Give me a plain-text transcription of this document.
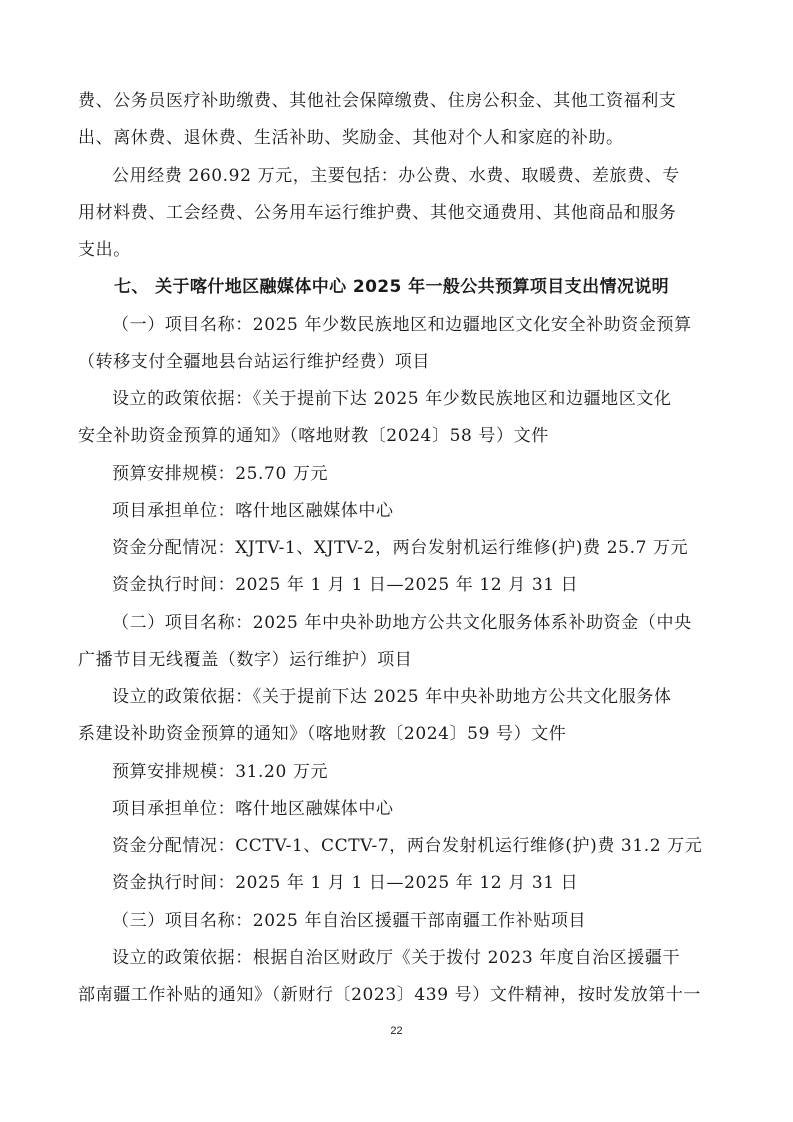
费、公务员医疗补助缴费、其他社会保障缴费、住房公积金、其他工资福利支
出、离休费、退休费、生活补助、奖励金、其他对个人和家庭的补助。
公用经费 260.92 万元，主要包括：办公费、水费、取暖费、差旅费、专
用材料费、工会经费、公务用车运行维护费、其他交通费用、其他商品和服务
支出。
七、 关于喀什地区融媒体中心 2025 年一般公共预算项目支出情况说明
（一）项目名称：2025 年少数民族地区和边疆地区文化安全补助资金预算
（转移支付全疆地县台站运行维护经费）项目
设立的政策依据：《关于提前下达 2025 年少数民族地区和边疆地区文化
安全补助资金预算的通知》（喀地财教〔2024〕58 号）文件
预算安排规模：25.70 万元
项目承担单位：喀什地区融媒体中心
资金分配情况：XJTV-1、XJTV-2，两台发射机运行维修(护)费 25.7 万元
资金执行时间：2025 年 1 月 1 日—2025 年 12 月 31 日
（二）项目名称：2025 年中央补助地方公共文化服务体系补助资金（中央
广播节目无线覆盖（数字）运行维护）项目
设立的政策依据：《关于提前下达 2025 年中央补助地方公共文化服务体
系建设补助资金预算的通知》（喀地财教〔2024〕59 号）文件
预算安排规模：31.20 万元
项目承担单位：喀什地区融媒体中心
资金分配情况：CCTV-1、CCTV-7，两台发射机运行维修(护)费 31.2 万元
资金执行时间：2025 年 1 月 1 日—2025 年 12 月 31 日
（三）项目名称：2025 年自治区援疆干部南疆工作补贴项目
设立的政策依据：根据自治区财政厅《关于拨付 2023 年度自治区援疆干
部南疆工作补贴的通知》（新财行〔2023〕439 号）文件精神，按时发放第十一
22
